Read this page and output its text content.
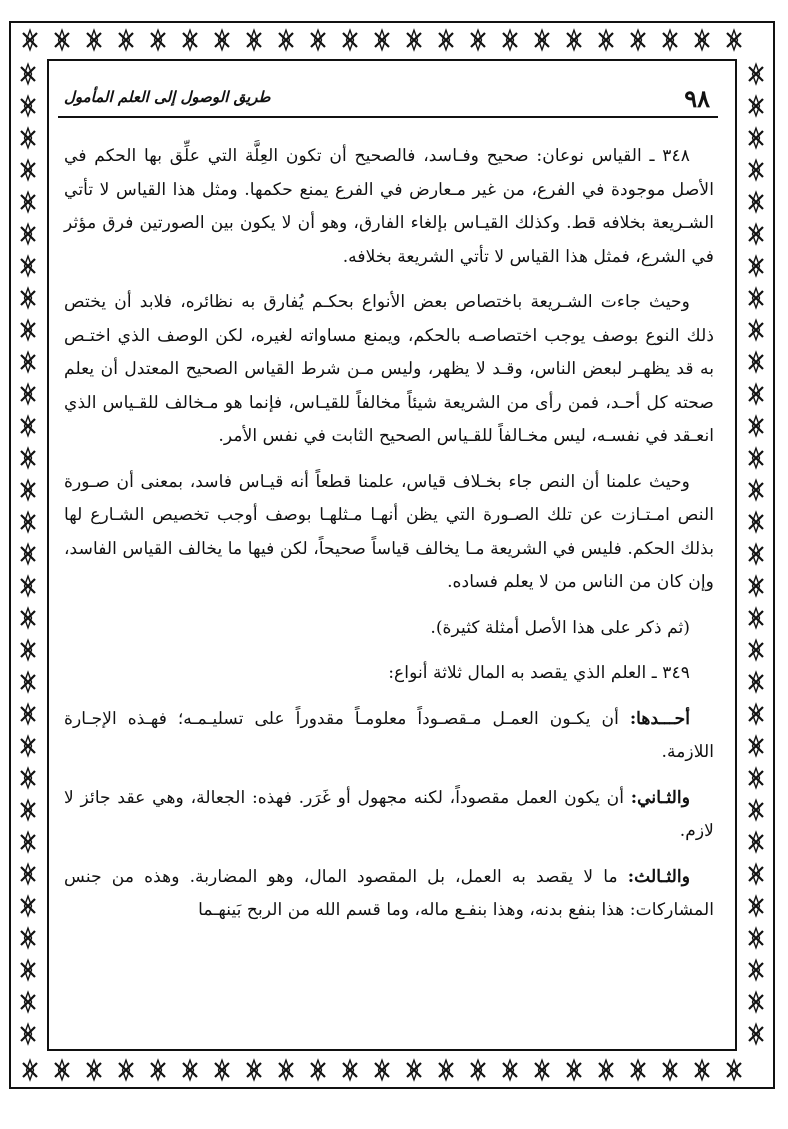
٩٨
طريق الوصول إلى العلم المأمول

٣٤٨ ـ القياس نوعان: صحيح وفـاسد، فالصحيح أن تكون العِلَّة التي علِّق بها الحكم في الأصل موجودة في الفرع، من غير مـعارض في الفرع يمنع حكمها. ومثل هذا القياس لا تأتي الشـريعة بخلافه قط. وكذلك القيـاس بإلغاء الفارق، وهو أن لا يكون بين الصورتين فرق مؤثر في الشرع، فمثل هذا القياس لا تأتي الشريعة بخلافه.

وحيث جاءت الشـريعة باختصاص بعض الأنواع بحكـم يُفارق به نظائره، فلابد أن يختص ذلك النوع بوصف يوجب اختصاصـه بالحكم، ويمنع مساواته لغيره، لكن الوصف الذي اختـص به قد يظهـر لبعض الناس، وقـد لا يظهر، وليس مـن شرط القياس الصحيح المعتدل أن يعلم صحته كل أحـد، فمن رأى من الشريعة شيئاً مخالفاً للقيـاس، فإنما هو مـخالف للقـياس الذي انعـقد في نفسـه، ليس مخـالفاً للقـياس الصحيح الثابت في نفس الأمر.

وحيث علمنا أن النص جاء بخـلاف قياس، علمنا قطعاً أنه قيـاس فاسد، بمعنى أن صـورة النص امـتـازت عن تلك الصـورة التي يظن أنهـا مـثلهـا بوصف أوجب تخصيص الشـارع لها بذلك الحكم. فليس في الشريعة مـا يخالف قياساً صحيحاً، لكن فيها ما يخالف القياس الفاسد، وإن كان من الناس من لا يعلم فساده.

(ثم ذكر على هذا الأصل أمثلة كثيرة).

٣٤٩ ـ العلم الذي يقصد به المال ثلاثة أنواع:

أحـــدها: أن يكـون العمـل مـقصـوداً معلومـاً مقدوراً على تسليـمـه؛ فهـذه الإجـارة اللازمة.

والثـاني: أن يكون العمل مقصوداً، لكنه مجهول أو غَرَر. فهذه: الجعالة، وهي عقد جائز لا لازم.

والثـالث: ما لا يقصد به العمل، بل المقصود المال، وهو المضاربة. وهذه من جنس المشاركات: هذا بنفع بدنه، وهذا بنفـع ماله، وما قسم الله من الربح بَينهـما
